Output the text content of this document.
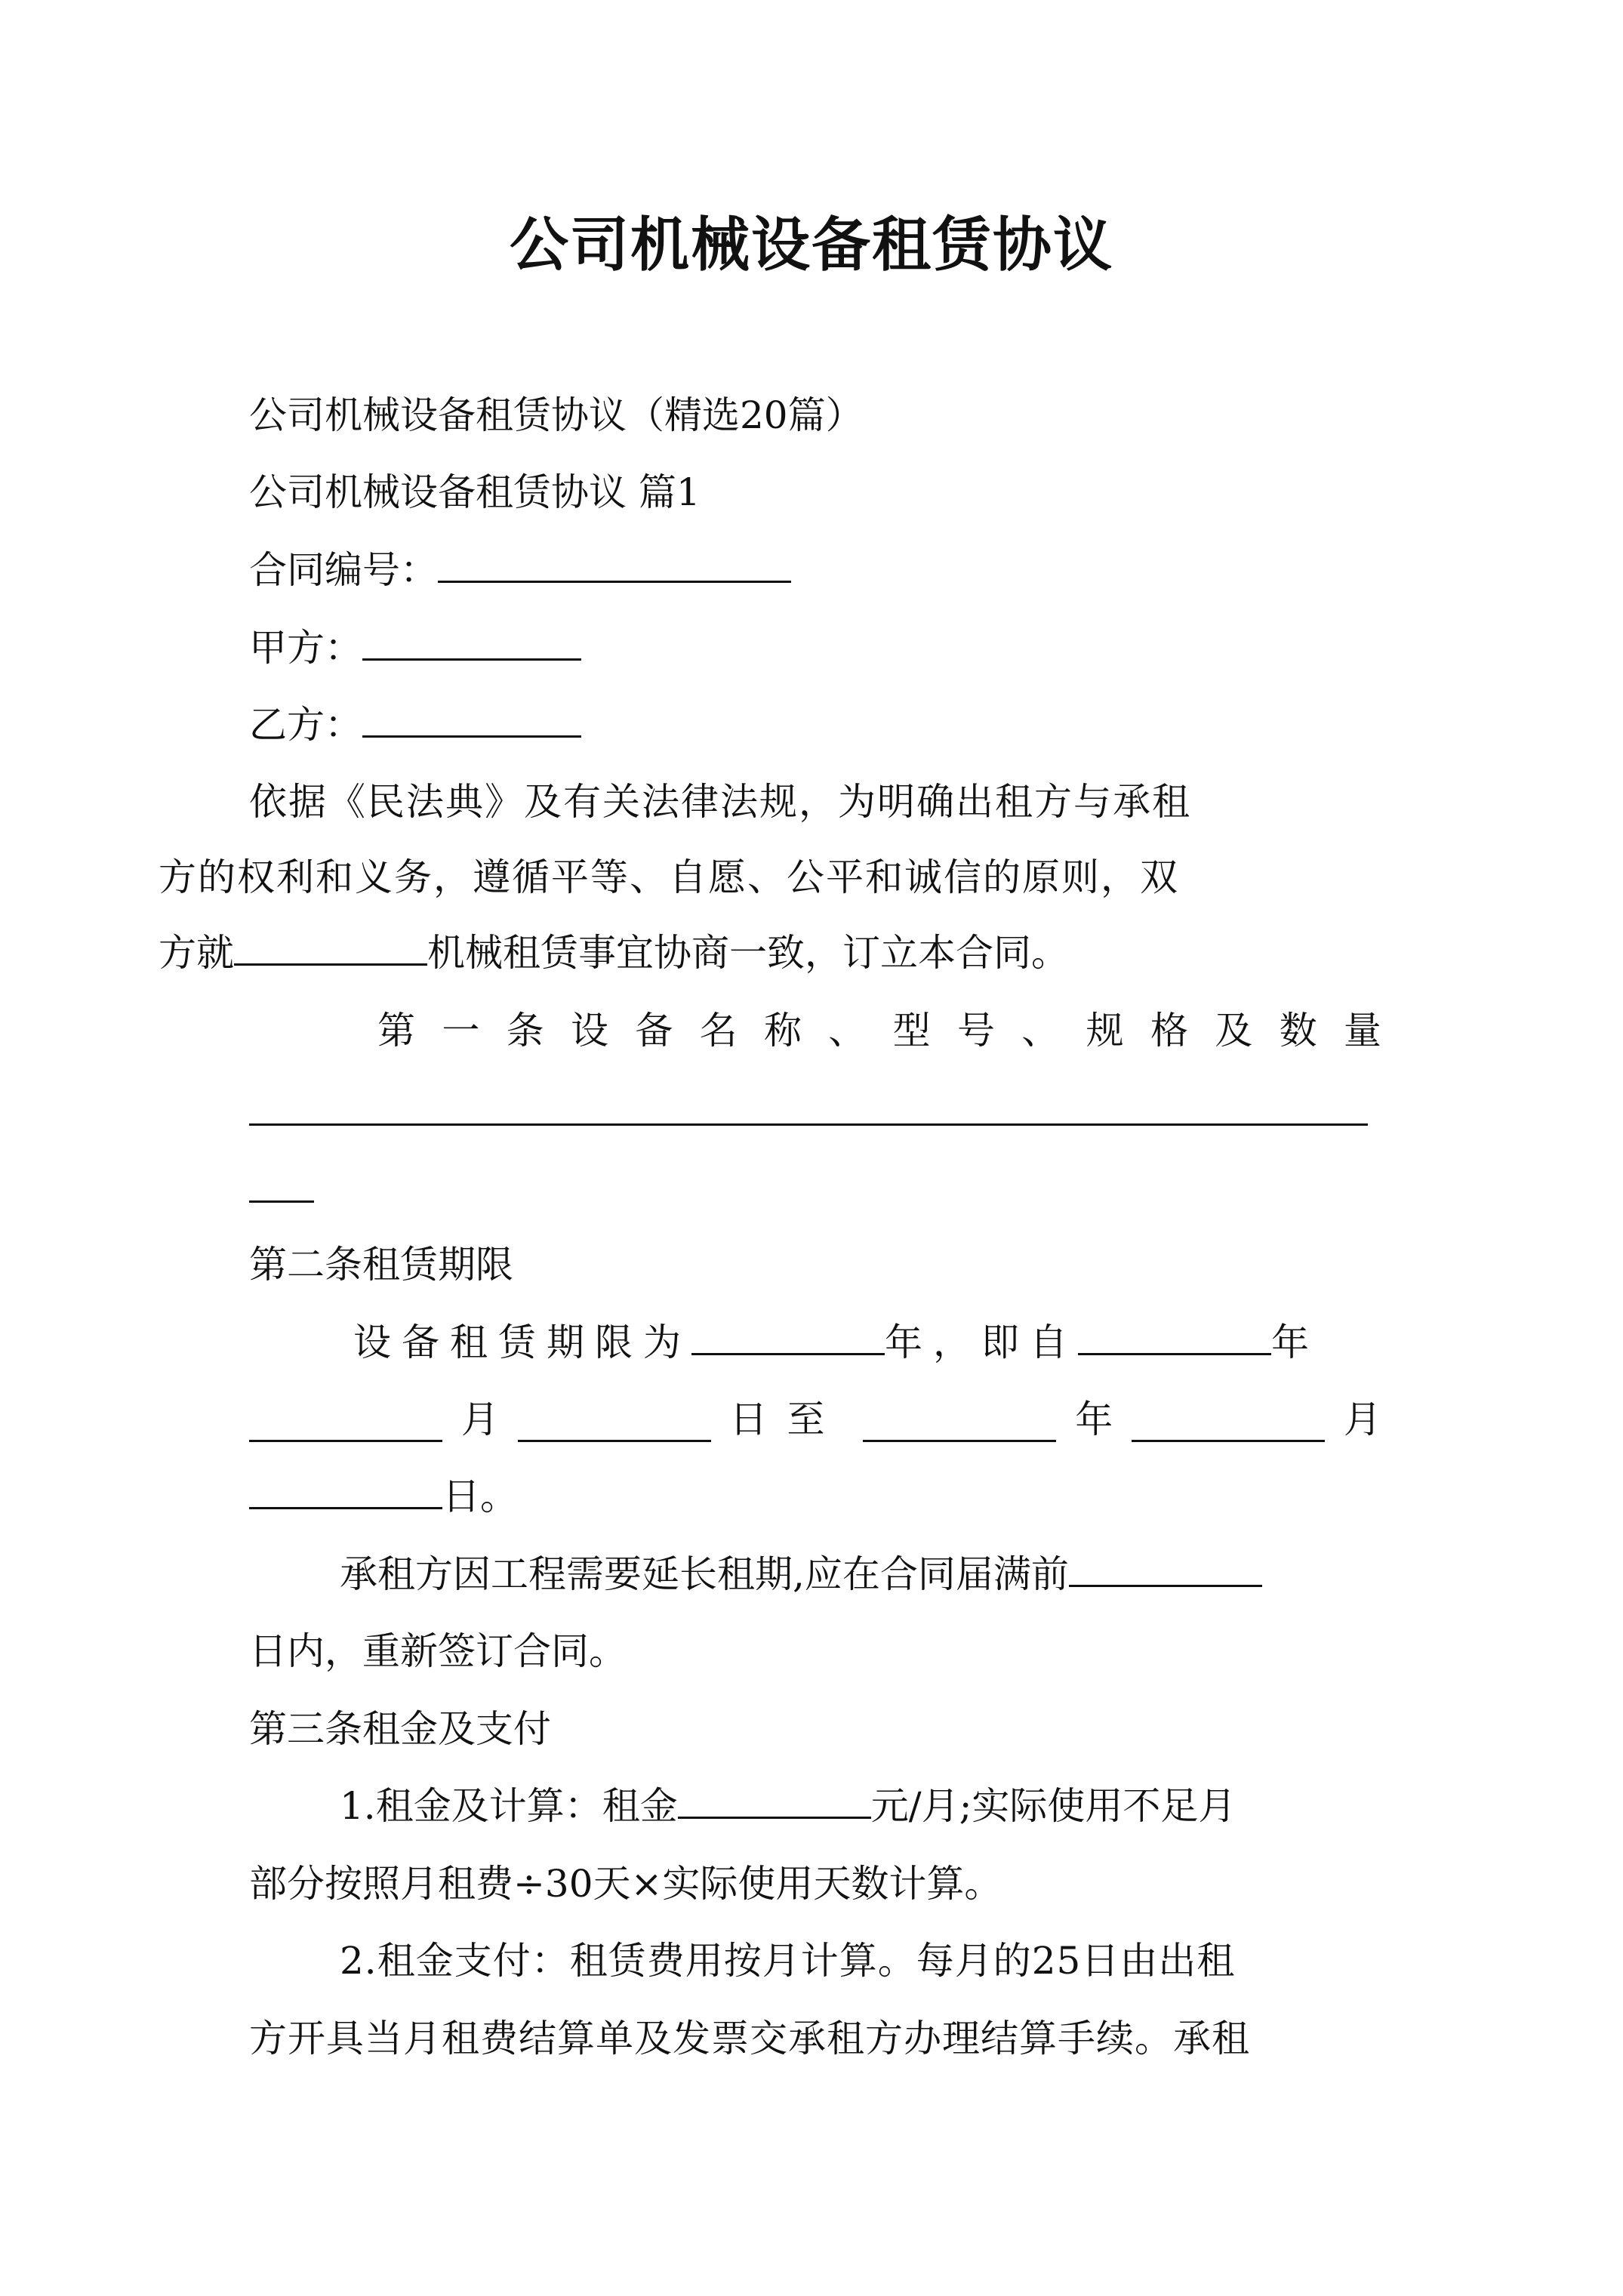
公司机械设备租赁协议
公司机械设备租赁协议（精选20篇）
公司机械设备租赁协议 篇1
合同编号：
甲方：
乙方：
依据《民法典》及有关法律法规，为明确出租方与承租
方的权利和义务，遵循平等、自愿、公平和诚信的原则，双
方就	机械租赁事宜协商一致，订立本合同。
第 一 条 设 备 名 称 、 型 号 、 规 格 及 数 量
第二条租赁期限
设备租赁期限为	年，即自	年
月	日至	年	月
日。
承租方因工程需要延长租期,应在合同届满前
日内，重新签订合同。
第三条租金及支付
1.租金及计算：租金	元/月;实际使用不足月
部分按照月租费÷30天×实际使用天数计算。
2.租金支付：租赁费用按月计算。每月的25日由出租
方开具当月租费结算单及发票交承租方办理结算手续。承租
